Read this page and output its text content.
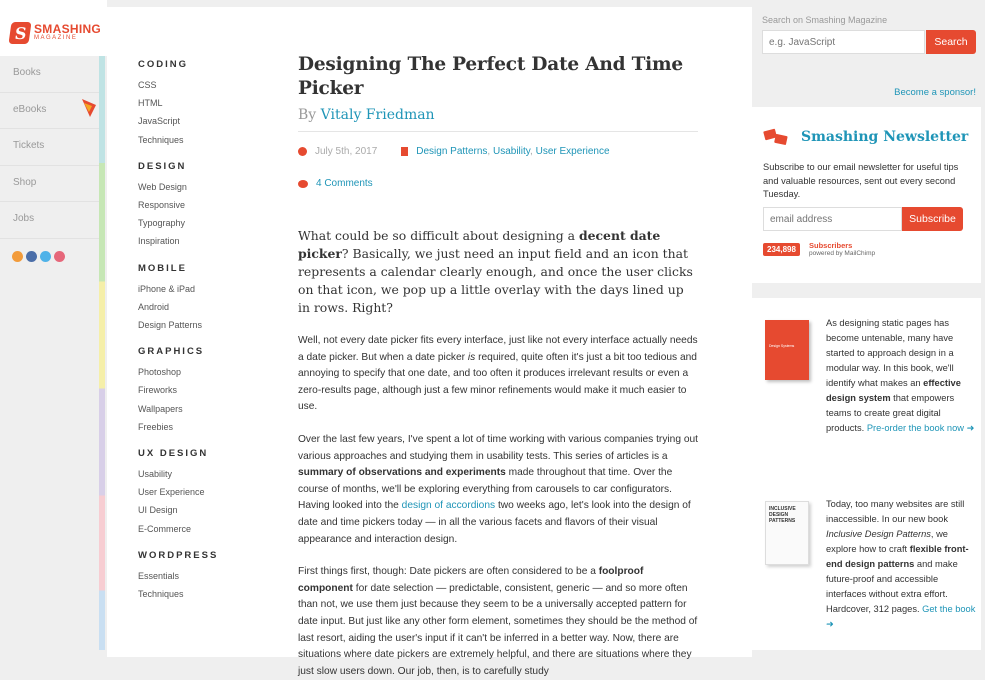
S SMASHING
MAGAZINE
Books
eBooks
Tickets
Shop
Jobs
CODING
CSS
HTML
JavaScript
Techniques
DESIGN
Web Design
Responsive
Typography
Inspiration
MOBILE
iPhone & iPad
Android
Design Patterns
GRAPHICS
Photoshop
Fireworks
Wallpapers
Freebies
UX DESIGN
Usability
User Experience
UI Design
E-Commerce
WORDPRESS
Essentials
Techniques
Designing The Perfect Date And Time Picker
By Vitaly Friedman
July 5th, 2017	Design Patterns, Usability, User Experience
4 Comments

What could be so difficult about designing a decent date picker? Basically, we just need an input field and an icon that represents a calendar clearly enough, and once the user clicks on that icon, we pop up a little overlay with the days lined up in rows. Right?

Well, not every date picker fits every interface, just like not every interface actually needs a date picker. But when a date picker is required, quite often it's just a bit too tedious and annoying to specify that one date, and too often it produces irrelevant results or even a zero-results page, although just a few minor refinements would make it much easier to use.

Over the last few years, I've spent a lot of time working with various companies trying out various approaches and studying them in usability tests. This series of articles is a summary of observations and experiments made throughout that time. Over the course of months, we'll be exploring everything from carousels to car configurators. Having looked into the design of accordions two weeks ago, let's look into the design of date and time pickers today — in all the various facets and flavors of their visual appearance and interaction design.

First things first, though: Date pickers are often considered to be a foolproof component for date selection — predictable, consistent, generic — and so more often than not, we use them just because they seem to be a universally accepted pattern for date input. But just like any other form element, sometimes they should be the method of last resort, aiding the user's input if it can't be inferred in a better way. Now, there are situations where date pickers are extremely helpful, and there are situations where they just slow users down. Our job, then, is to carefully study

Search on Smashing Magazine
e.g. JavaScript
Search
Become a sponsor!
Smashing Newsletter
Subscribe to our email newsletter for useful tips and valuable resources, sent out every second Tuesday.
email address
Subscribe
234,898	Subscribers
powered by MailChimp
Design Systems
As designing static pages has become untenable, many have started to approach design in a modular way. In this book, we'll identify what makes an effective design system that empowers teams to create great digital products. Pre-order the book now ➜
INCLUSIVE DESIGN PATTERNS
Today, too many websites are still inaccessible. In our new book Inclusive Design Patterns, we explore how to craft flexible front-end design patterns and make future-proof and accessible interfaces without extra effort. Hardcover, 312 pages. Get the book ➜
